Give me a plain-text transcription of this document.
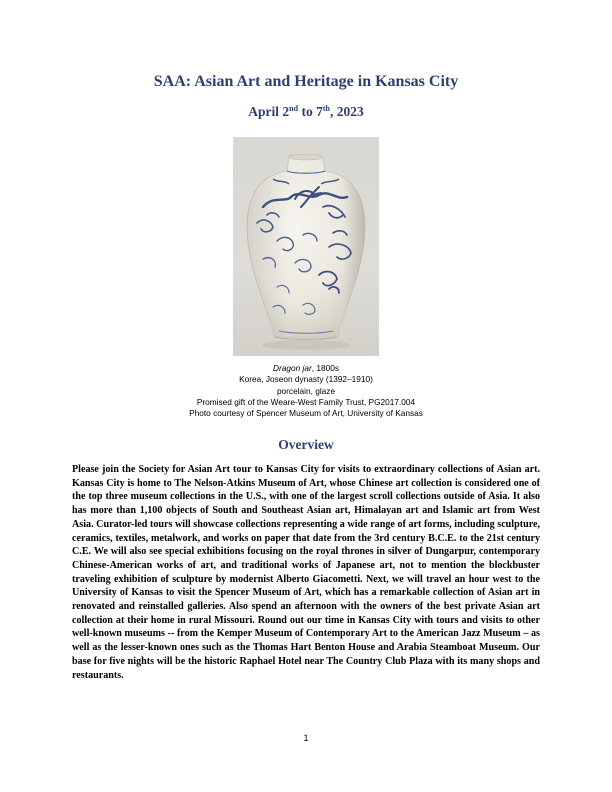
SAA: Asian Art and Heritage in Kansas City
April 2nd to 7th, 2023
Dragon jar, 1800s
Korea, Joseon dynasty (1392–1910)
porcelain, glaze
Promised gift of the Weare-West Family Trust, PG2017.004
Photo courtesy of Spencer Museum of Art, University of Kansas
Overview

Please join the Society for Asian Art tour to Kansas City for visits to extraordinary collections of Asian art. Kansas City is home to The Nelson-Atkins Museum of Art, whose Chinese art collection is considered one of the top three museum collections in the U.S., with one of the largest scroll collections outside of Asia. It also has more than 1,100 objects of South and Southeast Asian art, Himalayan art and Islamic art from West Asia. Curator-led tours will showcase collections representing a wide range of art forms, including sculpture, ceramics, textiles, metalwork, and works on paper that date from the 3rd century B.C.E. to the 21st century C.E. We will also see special exhibitions focusing on the royal thrones in silver of Dungarpur, contemporary Chinese-American works of art, and traditional works of Japanese art, not to mention the blockbuster traveling exhibition of sculpture by modernist Alberto Giacometti. Next, we will travel an hour west to the University of Kansas to visit the Spencer Museum of Art, which has a remarkable collection of Asian art in renovated and reinstalled galleries. Also spend an afternoon with the owners of the best private Asian art collection at their home in rural Missouri. Round out our time in Kansas City with tours and visits to other well-known museums -- from the Kemper Museum of Contemporary Art to the American Jazz Museum – as well as the lesser-known ones such as the Thomas Hart Benton House and Arabia Steamboat Museum. Our base for five nights will be the historic Raphael Hotel near The Country Club Plaza with its many shops and restaurants.

1
